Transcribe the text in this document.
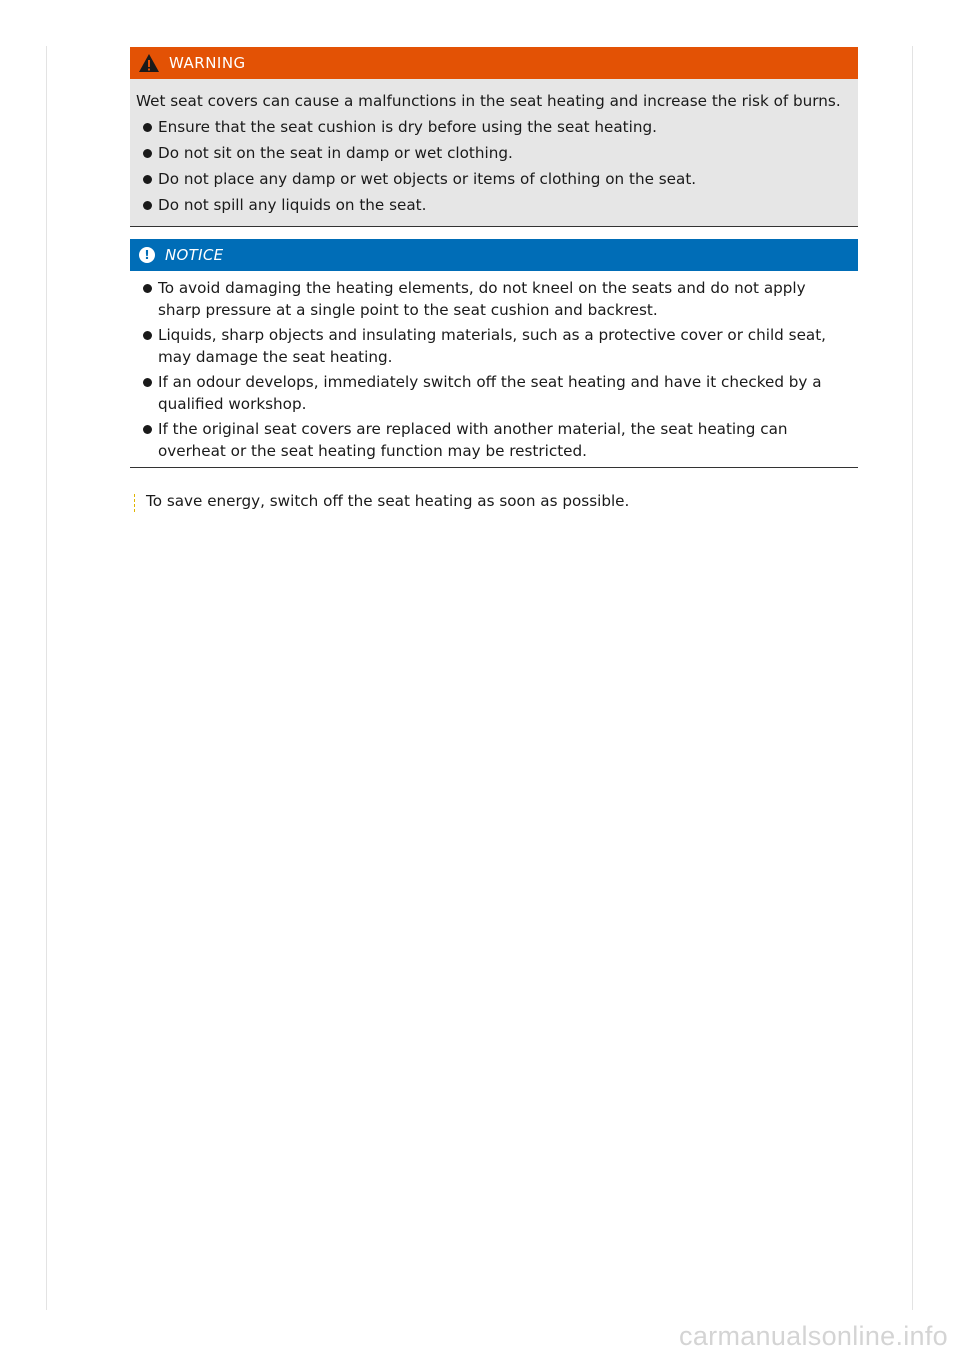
WARNING

Wet seat covers can cause a malfunctions in the seat heating and increase the risk of burns.

Ensure that the seat cushion is dry before using the seat heating.
Do not sit on the seat in damp or wet clothing.
Do not place any damp or wet objects or items of clothing on the seat.
Do not spill any liquids on the seat.
!	NOTICE
To avoid damaging the heating elements, do not kneel on the seats and do not apply sharp pressure at a single point to the seat cushion and backrest.
Liquids, sharp objects and insulating materials, such as a protective cover or child seat, may damage the seat heating.
If an odour develops, immediately switch off the seat heating and have it checked by a qualified workshop.
If the original seat covers are replaced with another material, the seat heating can overheat or the seat heating function may be restricted.
To save energy, switch off the seat heating as soon as possible.
carmanualsonline.info
